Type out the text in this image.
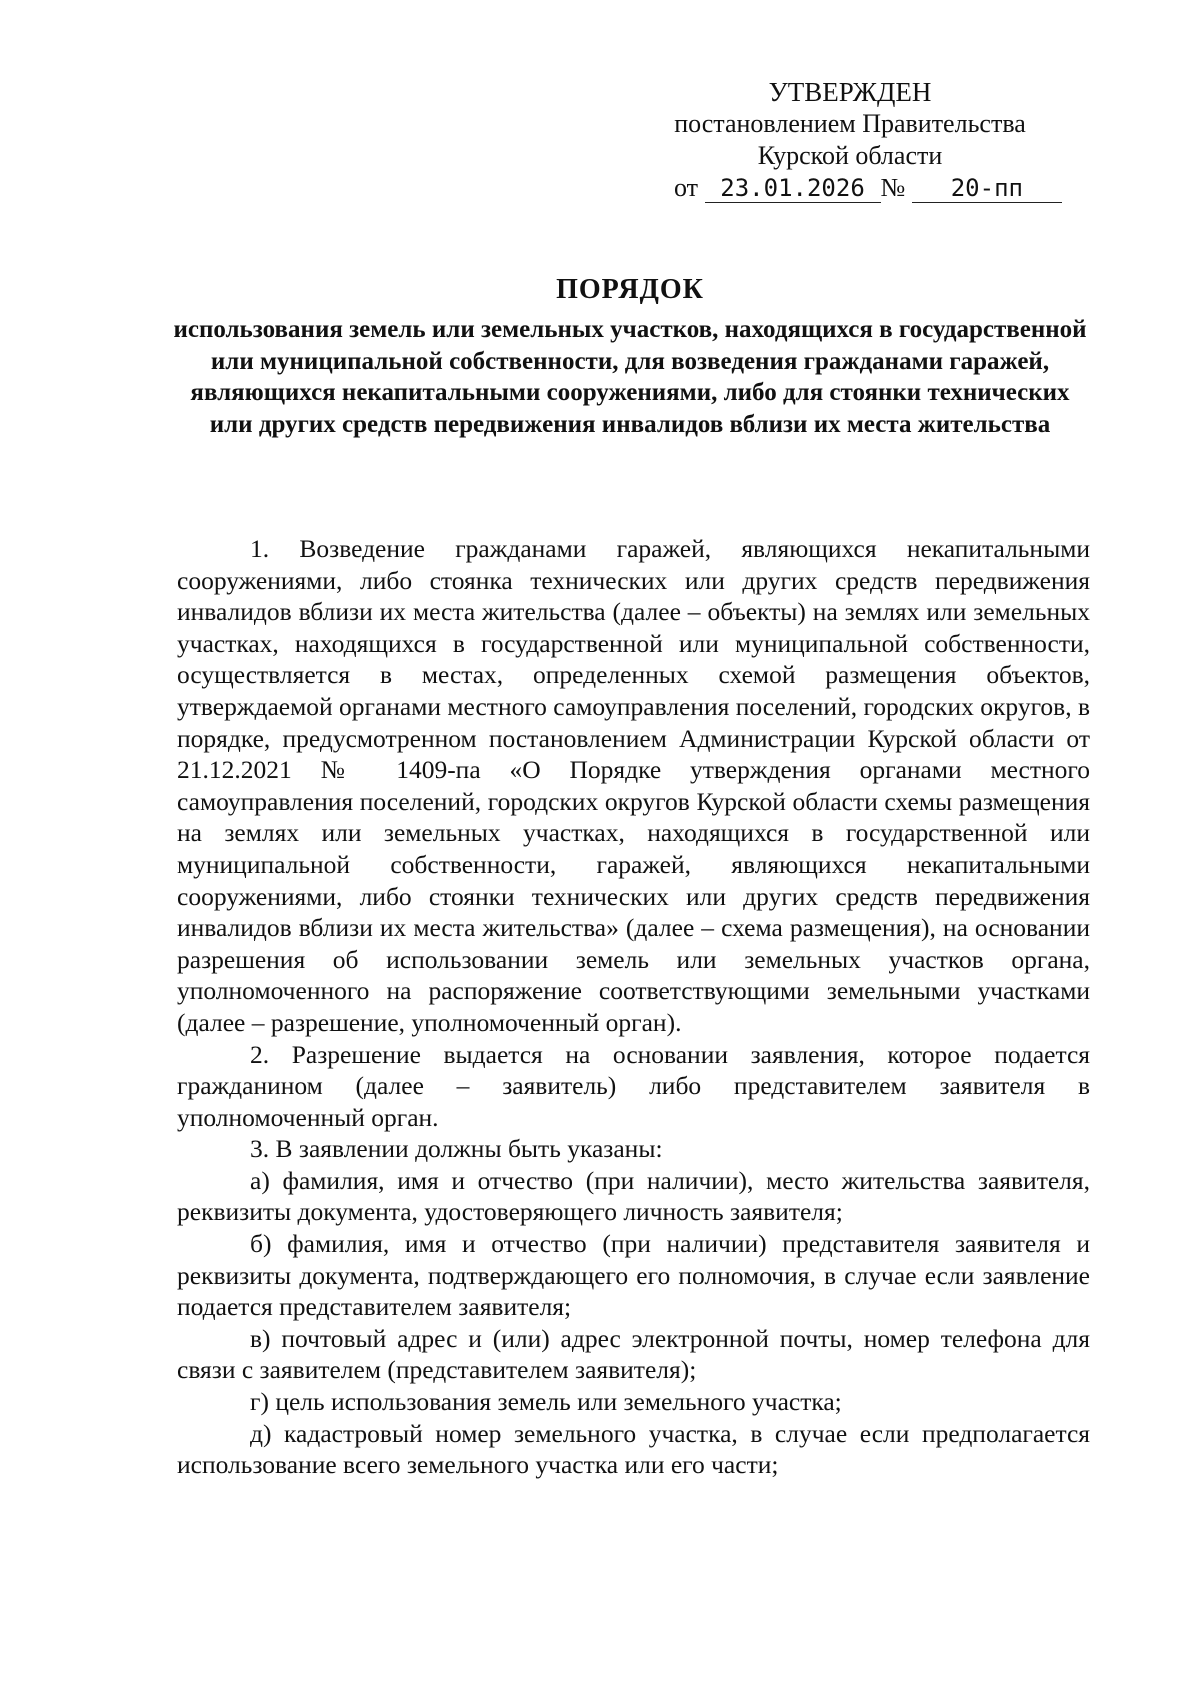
УТВЕРЖДЕН
постановлением Правительства
Курской области
от 23.01.2026 № 20-пп
ПОРЯДОК
использования земель или земельных участков, находящихся в государственной или муниципальной собственности, для возведения гражданами гаражей, являющихся некапитальными сооружениями, либо для стоянки технических или других средств передвижения инвалидов вблизи их места жительства

1. Возведение гражданами гаражей, являющихся некапитальными сооружениями, либо стоянка технических или других средств передвижения инвалидов вблизи их места жительства (далее – объекты) на землях или земельных участках, находящихся в государственной или муниципальной собственности, осуществляется в местах, определенных схемой размещения объектов, утверждаемой органами местного самоуправления поселений, городских округов, в порядке, предусмотренном постановлением Администрации Курской области от 21.12.2021 № 1409-па «О Порядке утверждения органами местного самоуправления поселений, городских округов Курской области схемы размещения на землях или земельных участках, находящихся в государственной или муниципальной собственности, гаражей, являющихся некапитальными сооружениями, либо стоянки технических или других средств передвижения инвалидов вблизи их места жительства» (далее – схема размещения), на основании разрешения об использовании земель или земельных участков органа, уполномоченного на распоряжение соответствующими земельными участками (далее – разрешение, уполномоченный орган).

2. Разрешение выдается на основании заявления, которое подается гражданином (далее – заявитель) либо представителем заявителя в уполномоченный орган.

3. В заявлении должны быть указаны:

а) фамилия, имя и отчество (при наличии), место жительства заявителя, реквизиты документа, удостоверяющего личность заявителя;

б) фамилия, имя и отчество (при наличии) представителя заявителя и реквизиты документа, подтверждающего его полномочия, в случае если заявление подается представителем заявителя;

в) почтовый адрес и (или) адрес электронной почты, номер телефона для связи с заявителем (представителем заявителя);

г) цель использования земель или земельного участка;

д) кадастровый номер земельного участка, в случае если предполагается использование всего земельного участка или его части;
